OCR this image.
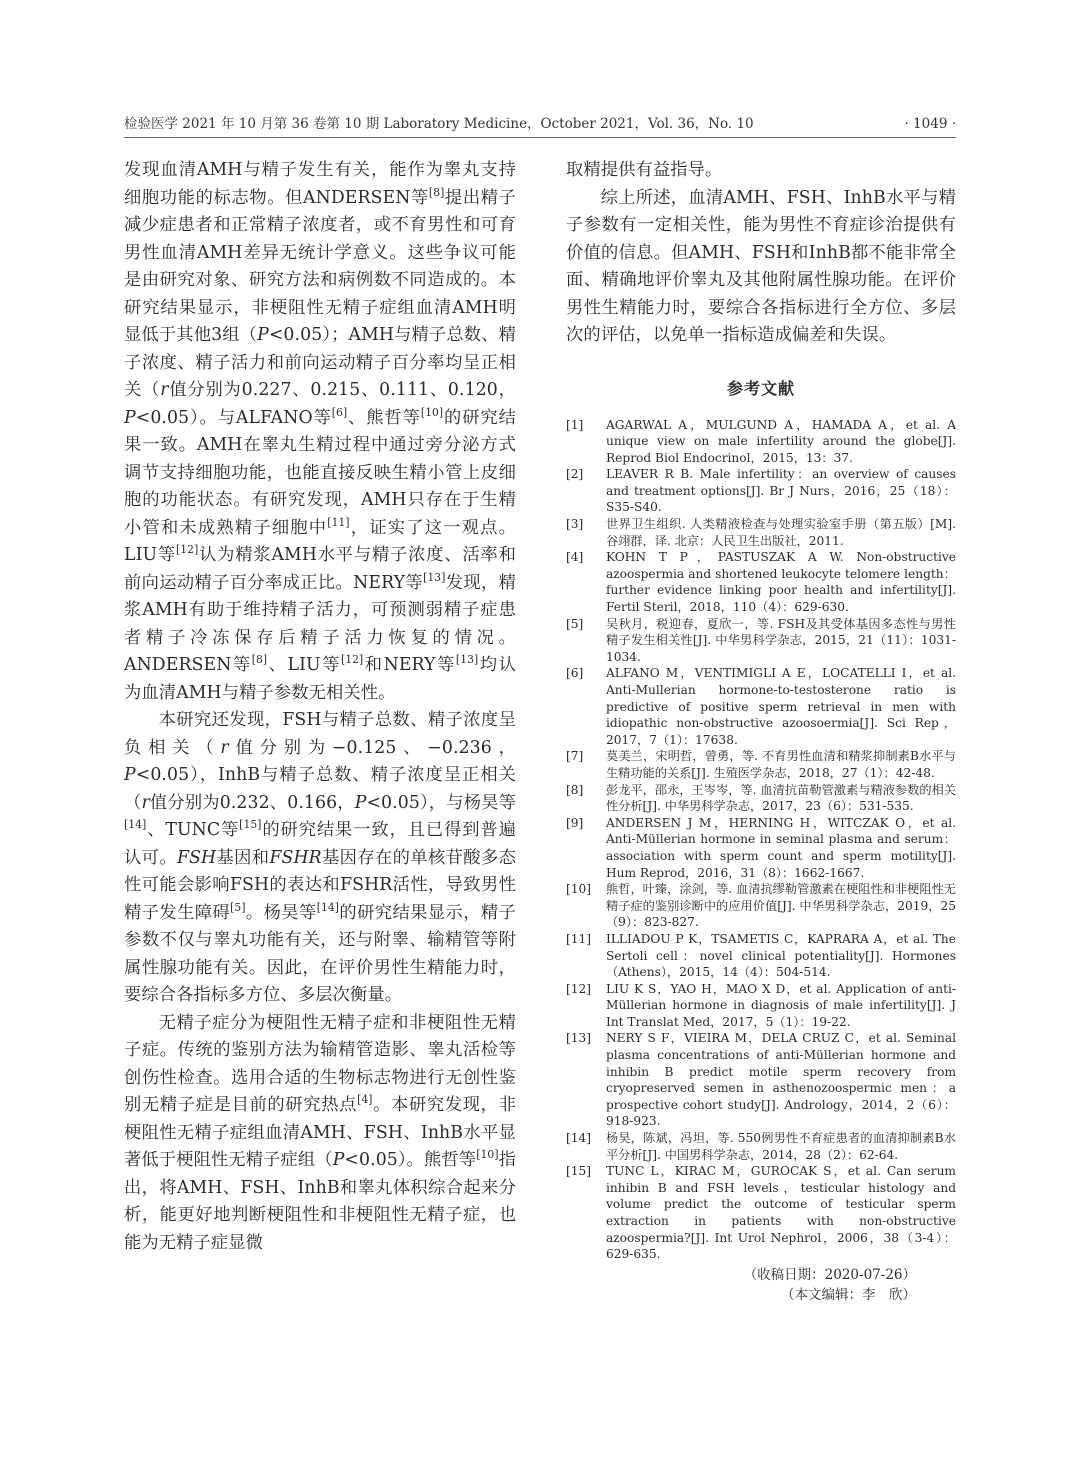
检验医学 2021 年 10 月第 36 卷第 10 期 Laboratory Medicine，October 2021，Vol. 36，No. 10	· 1049 ·

发现血清AMH与精子发生有关，能作为睾丸支持细胞功能的标志物。但ANDERSEN等[8]提出精子减少症患者和正常精子浓度者，或不育男性和可育男性血清AMH差异无统计学意义。这些争议可能是由研究对象、研究方法和病例数不同造成的。本研究结果显示，非梗阻性无精子症组血清AMH明显低于其他3组（P<0.05）；AMH与精子总数、精子浓度、精子活力和前向运动精子百分率均呈正相关（r值分别为0.227、0.215、0.111、0.120，P<0.05）。与ALFANO等[6]、熊哲等[10]的研究结果一致。AMH在睾丸生精过程中通过旁分泌方式调节支持细胞功能，也能直接反映生精小管上皮细胞的功能状态。有研究发现，AMH只存在于生精小管和未成熟精子细胞中[11]，证实了这一观点。LIU等[12]认为精浆AMH水平与精子浓度、活率和前向运动精子百分率成正比。NERY等[13]发现，精浆AMH有助于维持精子活力，可预测弱精子症患者精子冷冻保存后精子活力恢复的情况。ANDERSEN等[8]、LIU等[12]和NERY等[13]均认为血清AMH与精子参数无相关性。

本研究还发现，FSH与精子总数、精子浓度呈负相关（r值分别为−0.125、−0.236，P<0.05），InhB与精子总数、精子浓度呈正相关（r值分别为0.232、0.166，P<0.05），与杨昊等[14]、TUNC等[15]的研究结果一致，且已得到普遍认可。FSH基因和FSHR基因存在的单核苷酸多态性可能会影响FSH的表达和FSHR活性，导致男性精子发生障碍[5]。杨昊等[14]的研究结果显示，精子参数不仅与睾丸功能有关，还与附睾、输精管等附属性腺功能有关。因此，在评价男性生精能力时，要综合各指标多方位、多层次衡量。

无精子症分为梗阻性无精子症和非梗阻性无精子症。传统的鉴别方法为输精管造影、睾丸活检等创伤性检查。选用合适的生物标志物进行无创性鉴别无精子症是目前的研究热点[4]。本研究发现，非梗阻性无精子症组血清AMH、FSH、InhB水平显著低于梗阻性无精子症组（P<0.05）。熊哲等[10]指出，将AMH、FSH、InhB和睾丸体积综合起来分析，能更好地判断梗阻性和非梗阻性无精子症，也能为无精子症显微

取精提供有益指导。

综上所述，血清AMH、FSH、InhB水平与精子参数有一定相关性，能为男性不育症诊治提供有价值的信息。但AMH、FSH和InhB都不能非常全面、精确地评价睾丸及其他附属性腺功能。在评价男性生精能力时，要综合各指标进行全方位、多层次的评估，以免单一指标造成偏差和失误。

参考文献
[1]	AGARWAL A，MULGUND A，HAMADA A，et al. A unique view on male infertility around the globe[J]. Reprod Biol Endocrinol，2015，13：37.
[2]	LEAVER R B. Male infertility：an overview of causes and treatment options[J]. Br J Nurs，2016，25（18）：S35-S40.
[3]	世界卫生组织. 人类精液检查与处理实验室手册（第五版）[M]. 谷翊群，译. 北京：人民卫生出版社，2011.
[4]	KOHN T P，PASTUSZAK A W. Non-obstructive azoospermia and shortened leukocyte telomere length：further evidence linking poor health and infertility[J]. Fertil Steril，2018，110（4）：629-630.
[5]	吴秋月，税迎春，夏欣一，等. FSH及其受体基因多态性与男性精子发生相关性[J]. 中华男科学杂志，2015，21（11）：1031-1034.
[6]	ALFANO M，VENTIMIGLI A E，LOCATELLI I，et al. Anti-Mullerian hormone-to-testosterone ratio is predictive of positive sperm retrieval in men with idiopathic non-obstructive azoosoermia[J]. Sci Rep，2017，7（1）：17638.
[7]	莫美兰，宋明哲，曾勇，等. 不育男性血清和精浆抑制素B水平与生精功能的关系[J]. 生殖医学杂志，2018，27（1）：42-48.
[8]	彭龙平，邵永，王岑岑，等. 血清抗苗勒管激素与精液参数的相关性分析[J]. 中华男科学杂志，2017，23（6）：531-535.
[9]	ANDERSEN J M，HERNING H，WITCZAK O，et al. Anti-Müllerian hormone in seminal plasma and serum：association with sperm count and sperm motility[J]. Hum Reprod，2016，31（8）：1662-1667.
[10]	熊哲，叶臻，涂剑，等. 血清抗缪勒管激素在梗阻性和非梗阻性无精子症的鉴别诊断中的应用价值[J]. 中华男科学杂志，2019，25（9）：823-827.
[11]	ILLIADOU P K，TSAMETIS C，KAPRARA A，et al. The Sertoli cell：novel clinical potentiality[J]. Hormones（Athens），2015，14（4）：504-514.
[12]	LIU K S，YAO H，MAO X D，et al. Application of anti-Müllerian hormone in diagnosis of male infertility[J]. J Int Translat Med，2017，5（1）：19-22.
[13]	NERY S F，VIEIRA M，DELA CRUZ C，et al. Seminal plasma concentrations of anti-Müllerian hormone and inhibin B predict motile sperm recovery from cryopreserved semen in asthenozoospermic men：a prospective cohort study[J]. Andrology，2014，2（6）：918-923.
[14]	杨昊，陈斌，冯坦，等. 550例男性不育症患者的血清抑制素B水平分析[J]. 中国男科学杂志，2014，28（2）：62-64.
[15]	TUNC L，KIRAC M，GUROCAK S，et al. Can serum inhibin B and FSH levels，testicular histology and volume predict the outcome of testicular sperm extraction in patients with non-obstructive azoospermia?[J]. Int Urol Nephrol，2006，38（3-4）：629-635.
（收稿日期：2020-07-26）
（本文编辑：李　欣）
